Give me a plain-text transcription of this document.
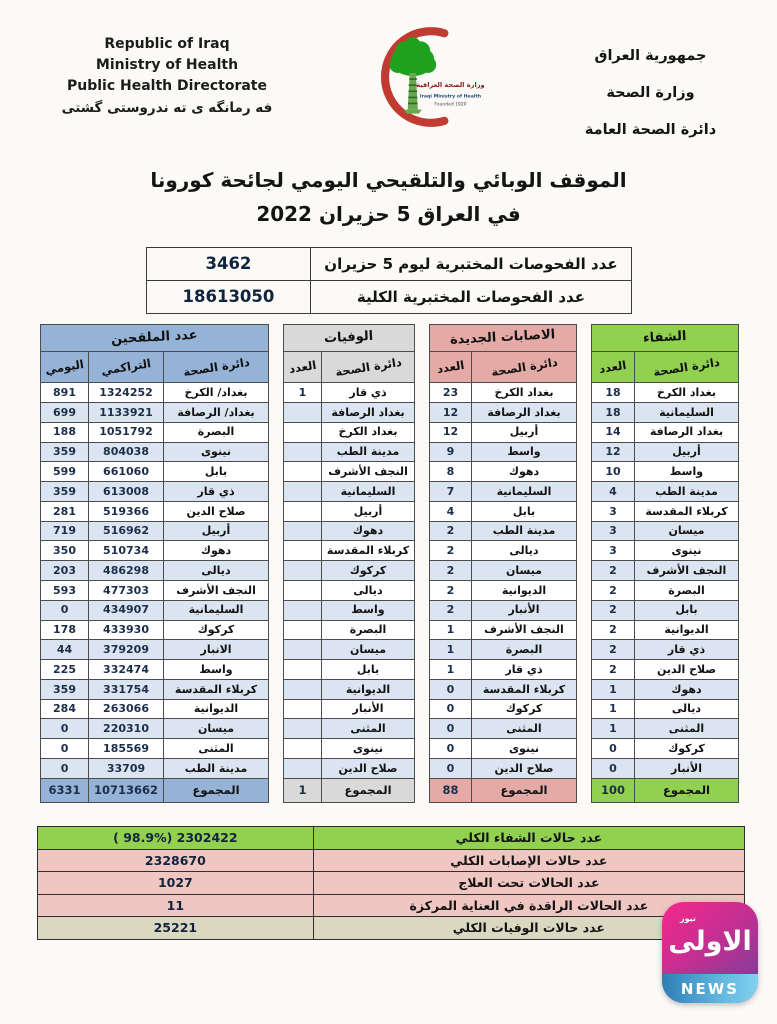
Republic of Iraq
Ministry of Health
Public Health Directorate
فه رمانگه ی ته ندروستی گشتی
وزارة الصحة العراقية
Iraqi Ministry of Health
Founded 1920
جمهورية العراق
وزارة الصحة
دائرة الصحة العامة
الموقف الوبائي والتلقيحي اليومي لجائحة كورونا
في العراق 5 حزيران 2022
عدد الفحوصات المختبرية ليوم 5 حزيران	3462
عدد الفحوصات المختبرية الكلية	18613050
الشفاء	
دائرة الصحة	العدد
بغداد الكرخ	18
السليمانية	18
بغداد الرصافة	14
أربيل	12
واسط	10
مدينة الطب	4
كربلاء المقدسة	3
ميسان	3
نينوى	3
النجف الأشرف	2
البصرة	2
بابل	2
الديوانية	2
ذي قار	2
صلاح الدين	2
دهوك	1
ديالى	1
المثنى	1
كركوك	0
الأنبار	0
المجموع	100
الاصابات الجديدة	
دائرة الصحة	العدد
بغداد الكرخ	23
بغداد الرصافة	12
أربيل	12
واسط	9
دهوك	8
السليمانية	7
بابل	4
مدينة الطب	2
ديالى	2
ميسان	2
الديوانية	2
الأنبار	2
النجف الأشرف	1
البصرة	1
ذي قار	1
كربلاء المقدسة	0
كركوك	0
المثنى	0
نينوى	0
صلاح الدين	0
المجموع	88
الوفيات	
دائرة الصحة	العدد
ذي قار	1
بغداد الرصافة	
بغداد الكرخ	
مدينة الطب	
النجف الأشرف	
السليمانية	
أربيل	
دهوك	
كربلاء المقدسة	
كركوك	
ديالى	
واسط	
البصرة	
ميسان	
بابل	
الديوانية	
الأنبار	
المثنى	
نينوى	
صلاح الدين	
المجموع	1
عدد الملقحين		
دائرة الصحة	التراكمي	اليومي
بغداد/ الكرخ	1324252	891
بغداد/ الرصافة	1133921	699
البصرة	1051792	188
نينوى	804038	359
بابل	661060	599
ذي قار	613008	359
صلاح الدين	519366	281
أربيل	516962	719
دهوك	510734	350
ديالى	486298	203
النجف الأشرف	477303	593
السليمانية	434907	0
كركوك	433930	178
الانبار	379209	44
واسط	332474	225
كربلاء المقدسة	331754	359
الديوانية	263066	284
ميسان	220310	0
المثنى	185569	0
مدينة الطب	33709	0
المجموع	10713662	6331
عدد حالات الشفاء الكلي	( 98.9%) 2302422
عدد حالات الإصابات الكلي	2328670
عدد الحالات تحت العلاج	1027
عدد الحالات الراقدة في العناية المركزة	11
عدد حالات الوفيات الكلي	25221
نيوز
الاولى
NEWS
